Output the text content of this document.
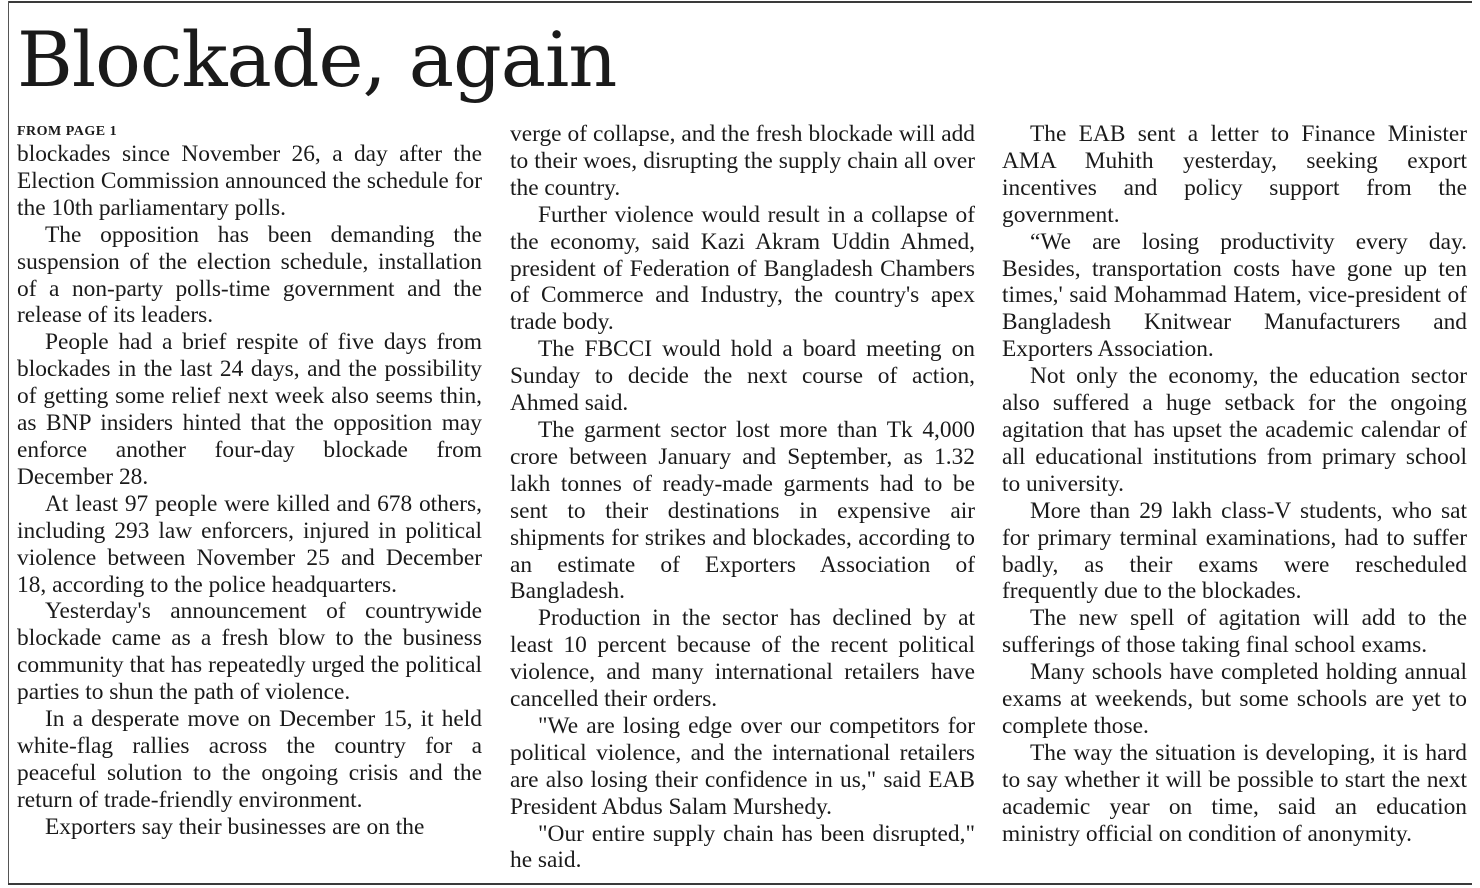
Blockade, again
FROM PAGE 1

blockades since November 26, a day after the Election Commission announced the schedule for the 10th parliamentary polls.

The opposition has been demanding the suspension of the election schedule, installation of a non-party polls-time government and the release of its leaders.

People had a brief respite of five days from blockades in the last 24 days, and the possibility of getting some relief next week also seems thin, as BNP insiders hinted that the opposition may enforce another four-day blockade from December 28.

At least 97 people were killed and 678 others, including 293 law enforcers, injured in political violence between November 25 and December 18, according to the police headquarters.

Yesterday's announcement of countrywide blockade came as a fresh blow to the business community that has repeatedly urged the political parties to shun the path of violence.

In a desperate move on December 15, it held white-flag rallies across the country for a peaceful solution to the ongoing crisis and the return of trade-friendly environment.

Exporters say their businesses are on the

verge of collapse, and the fresh blockade will add to their woes, disrupting the supply chain all over the country.

Further violence would result in a collapse of the economy, said Kazi Akram Uddin Ahmed, president of Federation of Bangladesh Chambers of Commerce and Industry, the country's apex trade body.

The FBCCI would hold a board meeting on Sunday to decide the next course of action, Ahmed said.

The garment sector lost more than Tk 4,000 crore between January and September, as 1.32 lakh tonnes of ready-made garments had to be sent to their destinations in expensive air shipments for strikes and blockades, according to an estimate of Exporters Association of Bangladesh.

Production in the sector has declined by at least 10 percent because of the recent political violence, and many international retailers have cancelled their orders.

"We are losing edge over our competitors for political violence, and the international retailers are also losing their confidence in us," said EAB President Abdus Salam Murshedy.

"Our entire supply chain has been disrupted," he said.

The EAB sent a letter to Finance Minister AMA Muhith yesterday, seeking export incentives and policy support from the government.

“We are losing productivity every day. Besides, transportation costs have gone up ten times,' said Mohammad Hatem, vice-president of Bangladesh Knitwear Manufacturers and Exporters Association.

Not only the economy, the education sector also suffered a huge setback for the ongoing agitation that has upset the academic calendar of all educational institutions from primary school to university.

More than 29 lakh class-V students, who sat for primary terminal examinations, had to suffer badly, as their exams were rescheduled frequently due to the blockades.

The new spell of agitation will add to the sufferings of those taking final school exams.

Many schools have completed holding annual exams at weekends, but some schools are yet to complete those.

The way the situation is developing, it is hard to say whether it will be possible to start the next academic year on time, said an education ministry official on condition of anonymity.
